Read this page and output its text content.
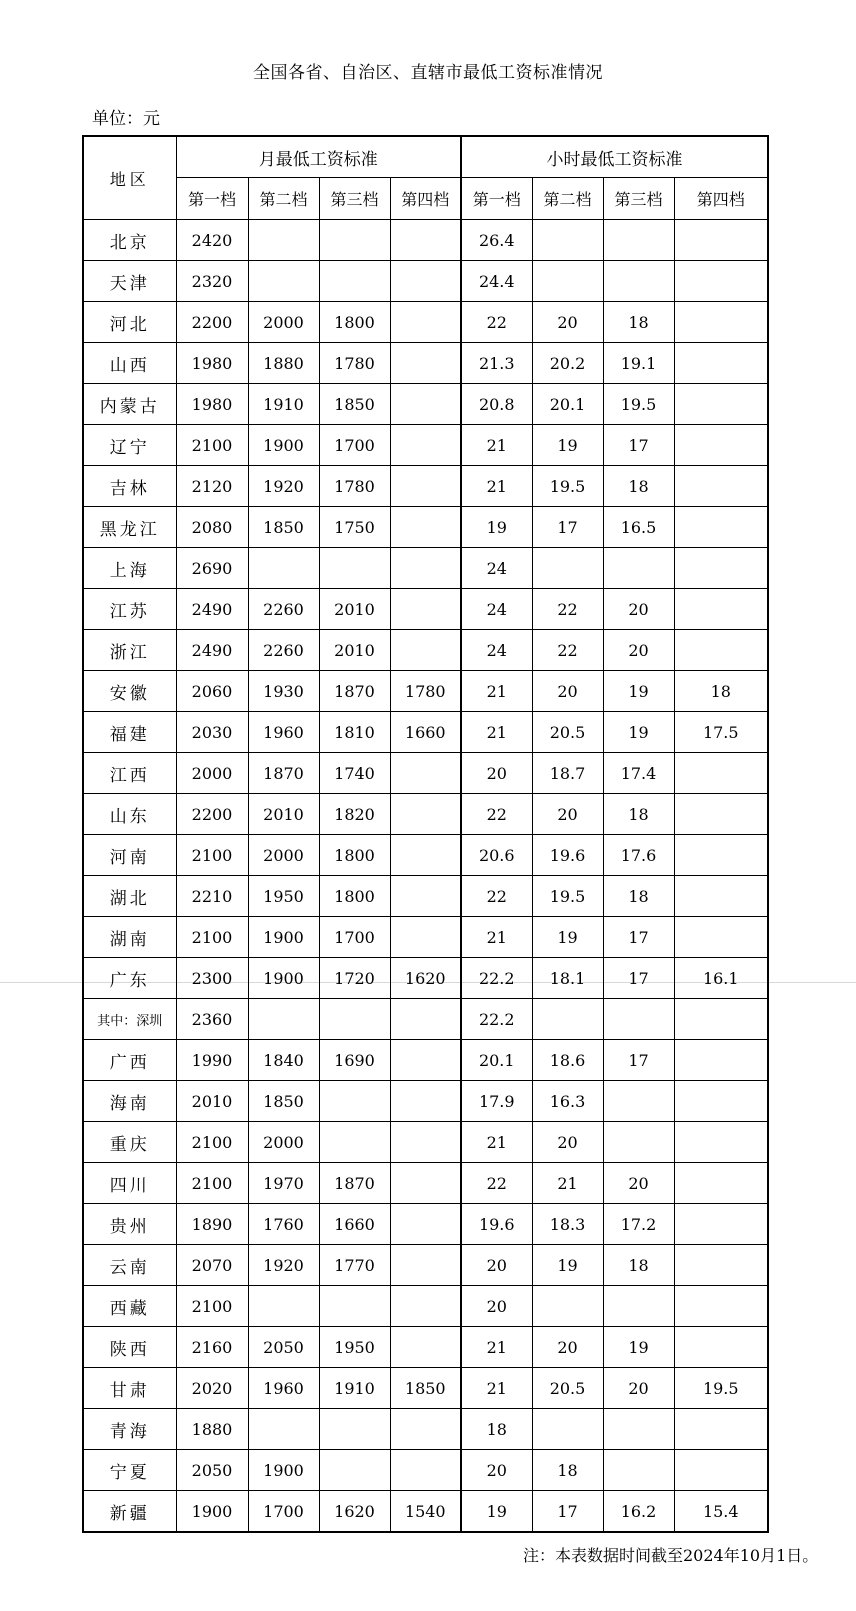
全国各省、自治区、直辖市最低工资标准情况
单位：元
地区	月最低工资标准				小时最低工资标准			
	第一档	第二档	第三档	第四档	第一档	第二档	第三档	第四档
北京	2420				26.4			
天津	2320				24.4			
河北	2200	2000	1800		22	20	18	
山西	1980	1880	1780		21.3	20.2	19.1	
内蒙古	1980	1910	1850		20.8	20.1	19.5	
辽宁	2100	1900	1700		21	19	17	
吉林	2120	1920	1780		21	19.5	18	
黑龙江	2080	1850	1750		19	17	16.5	
上海	2690				24			
江苏	2490	2260	2010		24	22	20	
浙江	2490	2260	2010		24	22	20	
安徽	2060	1930	1870	1780	21	20	19	18
福建	2030	1960	1810	1660	21	20.5	19	17.5
江西	2000	1870	1740		20	18.7	17.4	
山东	2200	2010	1820		22	20	18	
河南	2100	2000	1800		20.6	19.6	17.6	
湖北	2210	1950	1800		22	19.5	18	
湖南	2100	1900	1700		21	19	17	
广东	2300	1900	1720	1620	22.2	18.1	17	16.1
其中：深圳	2360				22.2			
广西	1990	1840	1690		20.1	18.6	17	
海南	2010	1850			17.9	16.3		
重庆	2100	2000			21	20		
四川	2100	1970	1870		22	21	20	
贵州	1890	1760	1660		19.6	18.3	17.2	
云南	2070	1920	1770		20	19	18	
西藏	2100				20			
陕西	2160	2050	1950		21	20	19	
甘肃	2020	1960	1910	1850	21	20.5	20	19.5
青海	1880				18			
宁夏	2050	1900			20	18		
新疆	1900	1700	1620	1540	19	17	16.2	15.4
注：本表数据时间截至2024年10月1日。
